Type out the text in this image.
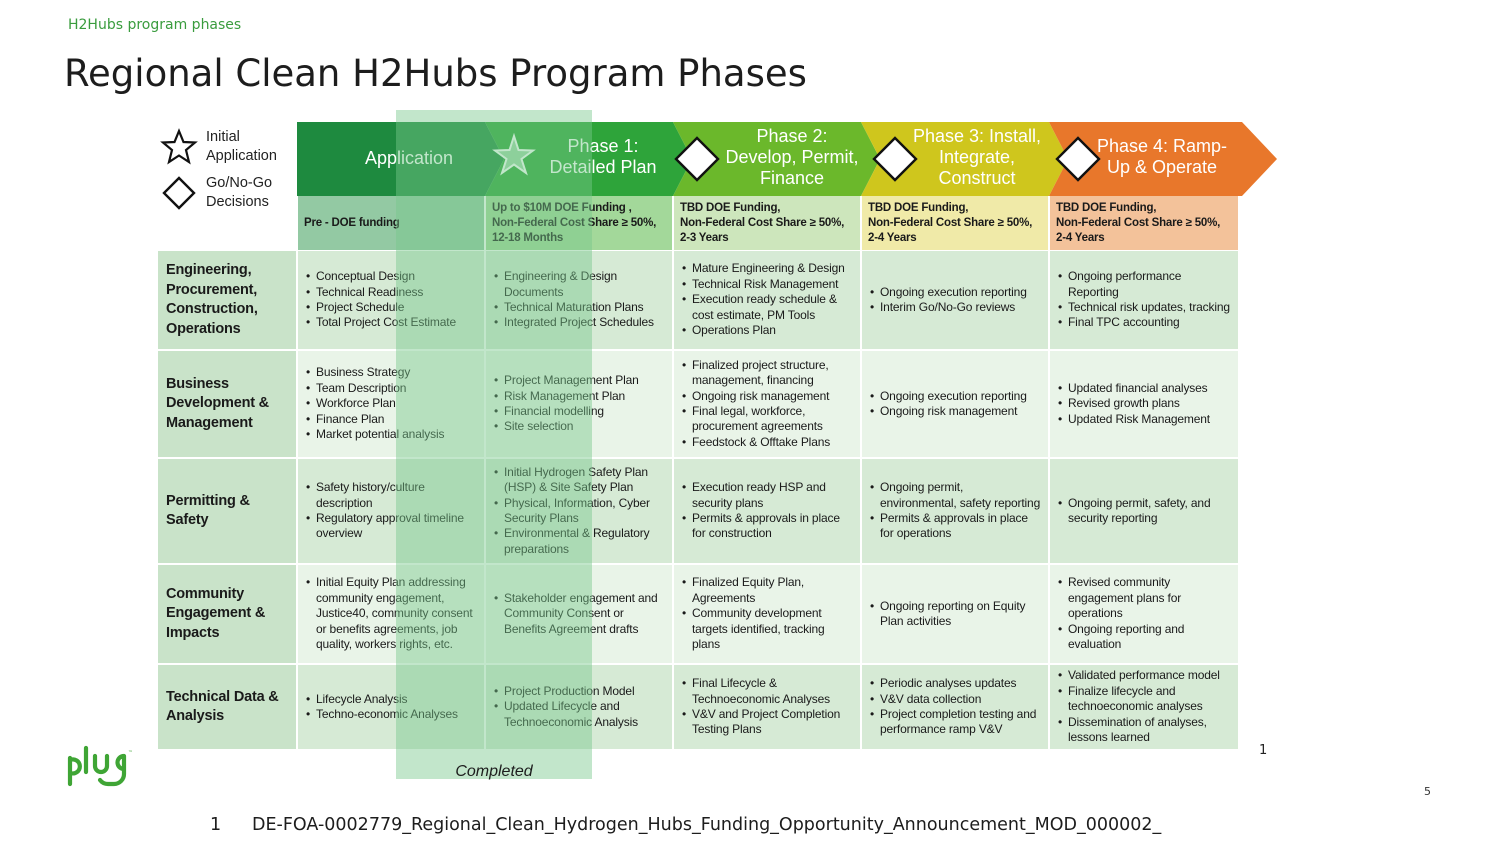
H2Hubs program phases
Regional Clean H2Hubs Program Phases
Initial
Application
Go/No-Go
Decisions
Application
Phase 1:
Detailed Plan
Phase 2:
Develop, Permit,
Finance
Phase 3: Install,
Integrate,
Construct
Phase 4: Ramp-
Up & Operate
Pre - DOE funding
Up to $10M DOE Funding ,
Non-Federal Cost Share ≥ 50%,
12-18 Months
TBD DOE Funding,
Non-Federal Cost Share ≥ 50%,
2-3 Years
TBD DOE Funding,
Non-Federal Cost Share ≥ 50%,
2-4 Years
TBD DOE Funding,
Non-Federal Cost Share ≥ 50%,
2-4 Years
Engineering, Procurement, Construction, Operations
• Conceptual Design
• Technical Readiness
• Project Schedule
• Total Project Cost Estimate
• Engineering & Design Documents
• Technical Maturation Plans
• Integrated Project Schedules
• Mature Engineering & Design
• Technical Risk Management
• Execution ready schedule & cost estimate, PM Tools
• Operations Plan
• Ongoing execution reporting
• Interim Go/No-Go reviews
• Ongoing performance Reporting
• Technical risk updates, tracking
• Final TPC accounting
Business Development & Management
• Business Strategy
• Team Description
• Workforce Plan
• Finance Plan
• Market potential analysis
• Project Management Plan
• Risk Management Plan
• Financial modelling
• Site selection
• Finalized project structure, management, financing
• Ongoing risk management
• Final legal, workforce, procurement agreements
• Feedstock & Offtake Plans
• Ongoing execution reporting
• Ongoing risk management
• Updated financial analyses
• Revised growth plans
• Updated Risk Management
Permitting & Safety
• Safety history/culture description
• Regulatory approval timeline overview
• Initial Hydrogen Safety Plan (HSP) & Site Safety Plan
• Physical, Information, Cyber Security Plans
• Environmental & Regulatory preparations
• Execution ready HSP and security plans
• Permits & approvals in place for construction
• Ongoing permit, environmental, safety reporting
• Permits & approvals in place for operations
• Ongoing permit, safety, and security reporting
Community Engagement & Impacts
• Initial Equity Plan addressing community engagement, Justice40, community consent or benefits agreements, job quality, workers rights, etc.
• Stakeholder engagement and Community Consent or Benefits Agreement drafts
• Finalized Equity Plan, Agreements
• Community development targets identified, tracking plans
• Ongoing reporting on Equity Plan activities
• Revised community engagement plans for operations
• Ongoing reporting and evaluation
Technical Data & Analysis
• Lifecycle Analysis
• Techno-economic Analyses
• Project Production Model
• Updated Lifecycle and Technoeconomic Analysis
• Final Lifecycle & Technoeconomic Analyses
• V&V and Project Completion Testing Plans
• Periodic analyses updates
• V&V data collection
• Project completion testing and performance ramp V&V
• Validated performance model
• Finalize lifecycle and technoeconomic analyses
• Dissemination of analyses, lessons learned
Completed
1
5
1	DE-FOA-0002779_Regional_Clean_Hydrogen_Hubs_Funding_Opportunity_Announcement_MOD_000002_
™
